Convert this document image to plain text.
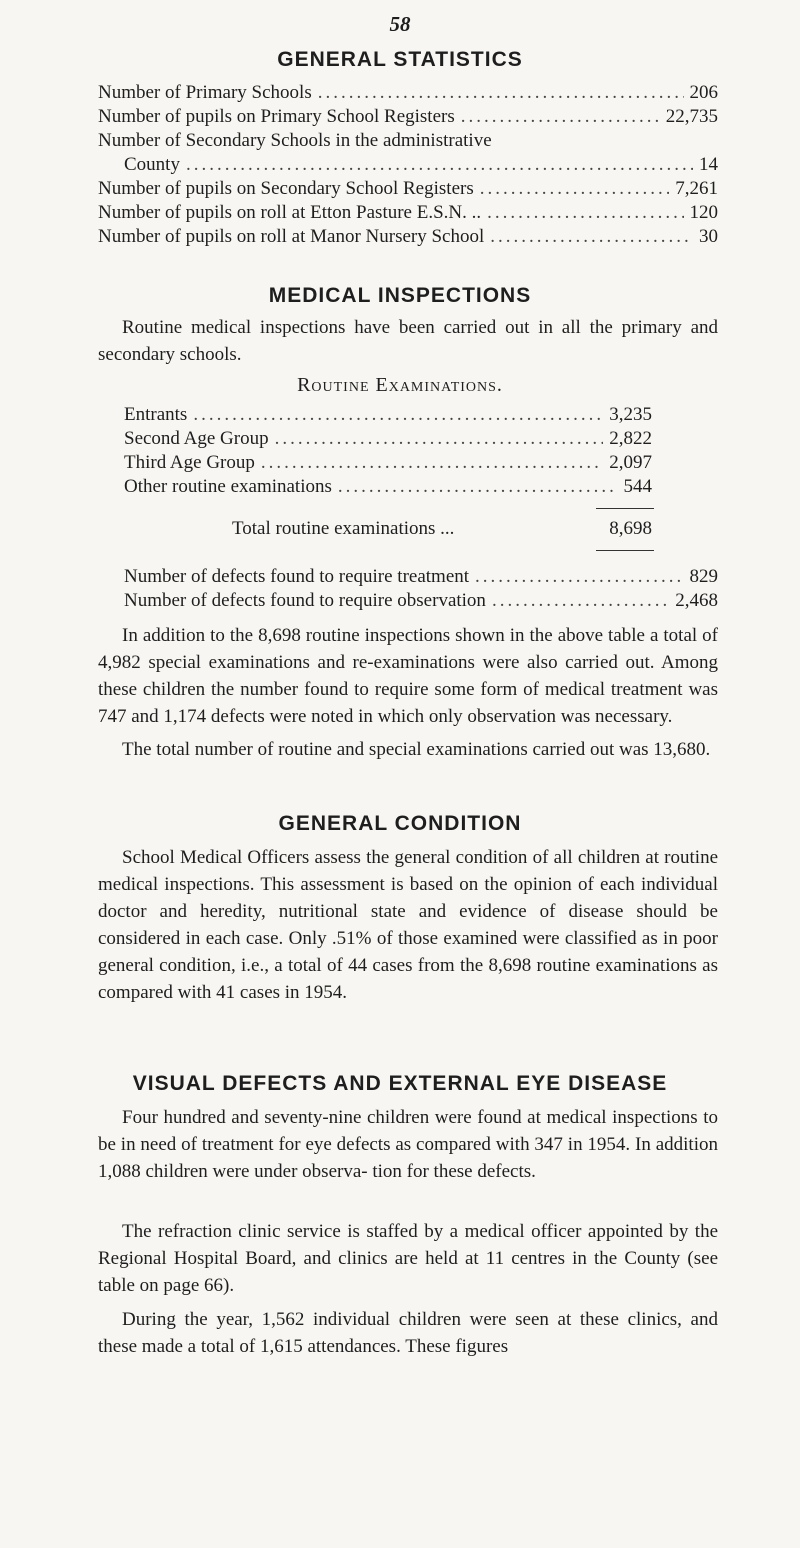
58
GENERAL STATISTICS
Number of Primary Schools .....	206
Number of pupils on Primary School Registers .....	22,735
Number of Secondary Schools in the administrative
County .....	14
Number of pupils on Secondary School Registers .....	7,261
Number of pupils on roll at Etton Pasture E.S.N. .. .....	120
Number of pupils on roll at Manor Nursery School .....	30
MEDICAL INSPECTIONS

Routine medical inspections have been carried out in all the primary and secondary schools.

Routine Examinations.
Entrants .....	3,235
Second Age Group .....	2,822
Third Age Group .....	2,097
Other routine examinations .....	544
Total routine examinations ...	8,698
Number of defects found to require treatment .....	829
Number of defects found to require observation .....	2,468

In addition to the 8,698 routine inspections shown in the above table a total of 4,982 special examinations and re-examinations were also carried out. Among these children the number found to require some form of medical treatment was 747 and 1,174 defects were noted in which only observation was necessary.

The total number of routine and special examinations carried out was 13,680.

GENERAL CONDITION

School Medical Officers assess the general condition of all children at routine medical inspections. This assessment is based on the opinion of each individual doctor and heredity, nutritional state and evidence of disease should be considered in each case. Only .51% of those examined were classified as in poor general condition, i.e., a total of 44 cases from the 8,698 routine examinations as compared with 41 cases in 1954.

VISUAL DEFECTS AND EXTERNAL EYE DISEASE

Four hundred and seventy-nine children were found at medical inspections to be in need of treatment for eye defects as compared with 347 in 1954. In addition 1,088 children were under observa- tion for these defects.

The refraction clinic service is staffed by a medical officer appointed by the Regional Hospital Board, and clinics are held at 11 centres in the County (see table on page 66).

During the year, 1,562 individual children were seen at these clinics, and these made a total of 1,615 attendances. These figures
